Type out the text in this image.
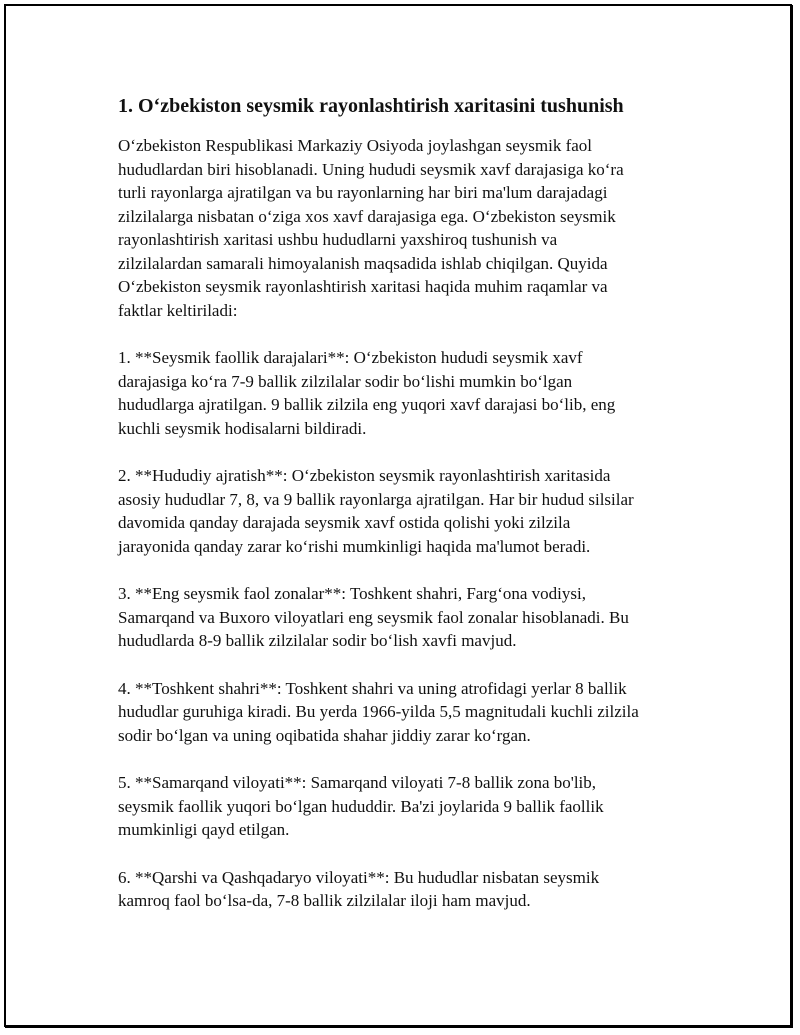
1. O‘zbekiston seysmik rayonlashtirish xaritasini tushunish

O‘zbekiston Respublikasi Markaziy Osiyoda joylashgan seysmik faol
hududlardan biri hisoblanadi. Uning hududi seysmik xavf darajasiga ko‘ra
turli rayonlarga ajratilgan va bu rayonlarning har biri ma'lum darajadagi
zilzilalarga nisbatan o‘ziga xos xavf darajasiga ega. O‘zbekiston seysmik
rayonlashtirish xaritasi ushbu hududlarni yaxshiroq tushunish va
zilzilalardan samarali himoyalanish maqsadida ishlab chiqilgan. Quyida
O‘zbekiston seysmik rayonlashtirish xaritasi haqida muhim raqamlar va
faktlar keltiriladi:

1. **Seysmik faollik darajalari**: O‘zbekiston hududi seysmik xavf
darajasiga ko‘ra 7-9 ballik zilzilalar sodir bo‘lishi mumkin bo‘lgan
hududlarga ajratilgan. 9 ballik zilzila eng yuqori xavf darajasi bo‘lib, eng
kuchli seysmik hodisalarni bildiradi.

2. **Hududiy ajratish**: O‘zbekiston seysmik rayonlashtirish xaritasida
asosiy hududlar 7, 8, va 9 ballik rayonlarga ajratilgan. Har bir hudud silsilar
davomida qanday darajada seysmik xavf ostida qolishi yoki zilzila
jarayonida qanday zarar ko‘rishi mumkinligi haqida ma'lumot beradi.

3. **Eng seysmik faol zonalar**: Toshkent shahri, Farg‘ona vodiysi,
Samarqand va Buxoro viloyatlari eng seysmik faol zonalar hisoblanadi. Bu
hududlarda 8-9 ballik zilzilalar sodir bo‘lish xavfi mavjud.

4. **Toshkent shahri**: Toshkent shahri va uning atrofidagi yerlar 8 ballik
hududlar guruhiga kiradi. Bu yerda 1966-yilda 5,5 magnitudali kuchli zilzila
sodir bo‘lgan va uning oqibatida shahar jiddiy zarar ko‘rgan.

5. **Samarqand viloyati**: Samarqand viloyati 7-8 ballik zona bo'lib,
seysmik faollik yuqori bo‘lgan hududdir. Ba'zi joylarida 9 ballik faollik
mumkinligi qayd etilgan.

6. **Qarshi va Qashqadaryo viloyati**: Bu hududlar nisbatan seysmik
kamroq faol bo‘lsa-da, 7-8 ballik zilzilalar iloji ham mavjud.
